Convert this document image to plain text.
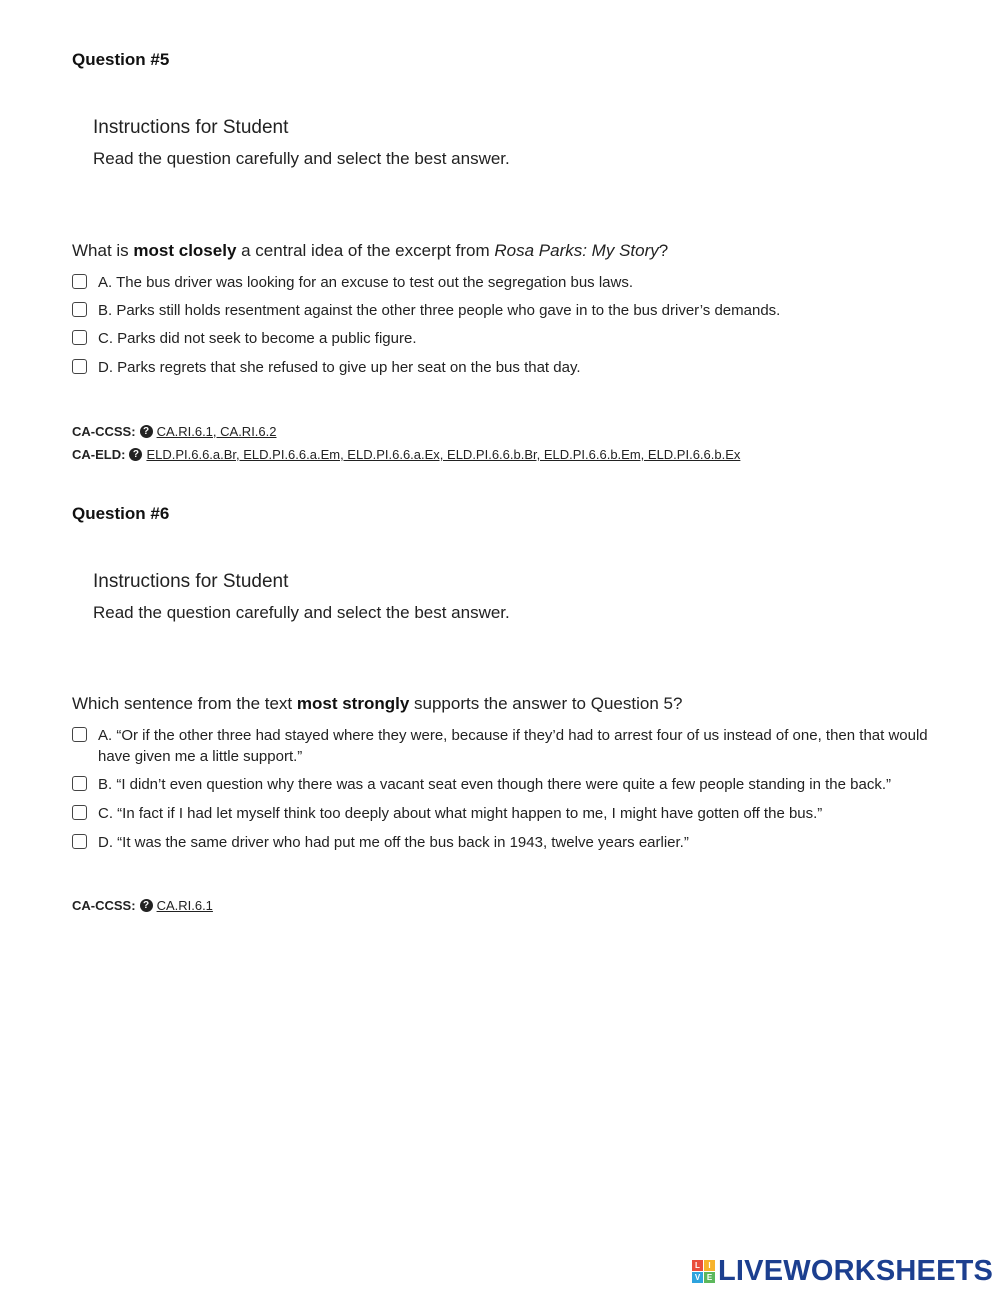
Question #5
Instructions for Student
Read the question carefully and select the best answer.
What is most closely a central idea of the excerpt from Rosa Parks: My Story?
A. The bus driver was looking for an excuse to test out the segregation bus laws.
B. Parks still holds resentment against the other three people who gave in to the bus driver’s demands.
C. Parks did not seek to become a public figure.
D. Parks regrets that she refused to give up her seat on the bus that day.
CA-CCSS: ? CA.RI.6.1, CA.RI.6.2
CA-ELD: ? ELD.PI.6.6.a.Br, ELD.PI.6.6.a.Em, ELD.PI.6.6.a.Ex, ELD.PI.6.6.b.Br, ELD.PI.6.6.b.Em, ELD.PI.6.6.b.Ex
Question #6
Instructions for Student
Read the question carefully and select the best answer.
Which sentence from the text most strongly supports the answer to Question 5?
A. “Or if the other three had stayed where they were, because if they’d had to arrest four of us instead of one, then that would have given me a little support.”
B. “I didn’t even question why there was a vacant seat even though there were quite a few people standing in the back.”
C. “In fact if I had let myself think too deeply about what might happen to me, I might have gotten off the bus.”
D. “It was the same driver who had put me off the bus back in 1943, twelve years earlier.”
CA-CCSS: ? CA.RI.6.1
L	I
V E LIVEWORKSHEETS
